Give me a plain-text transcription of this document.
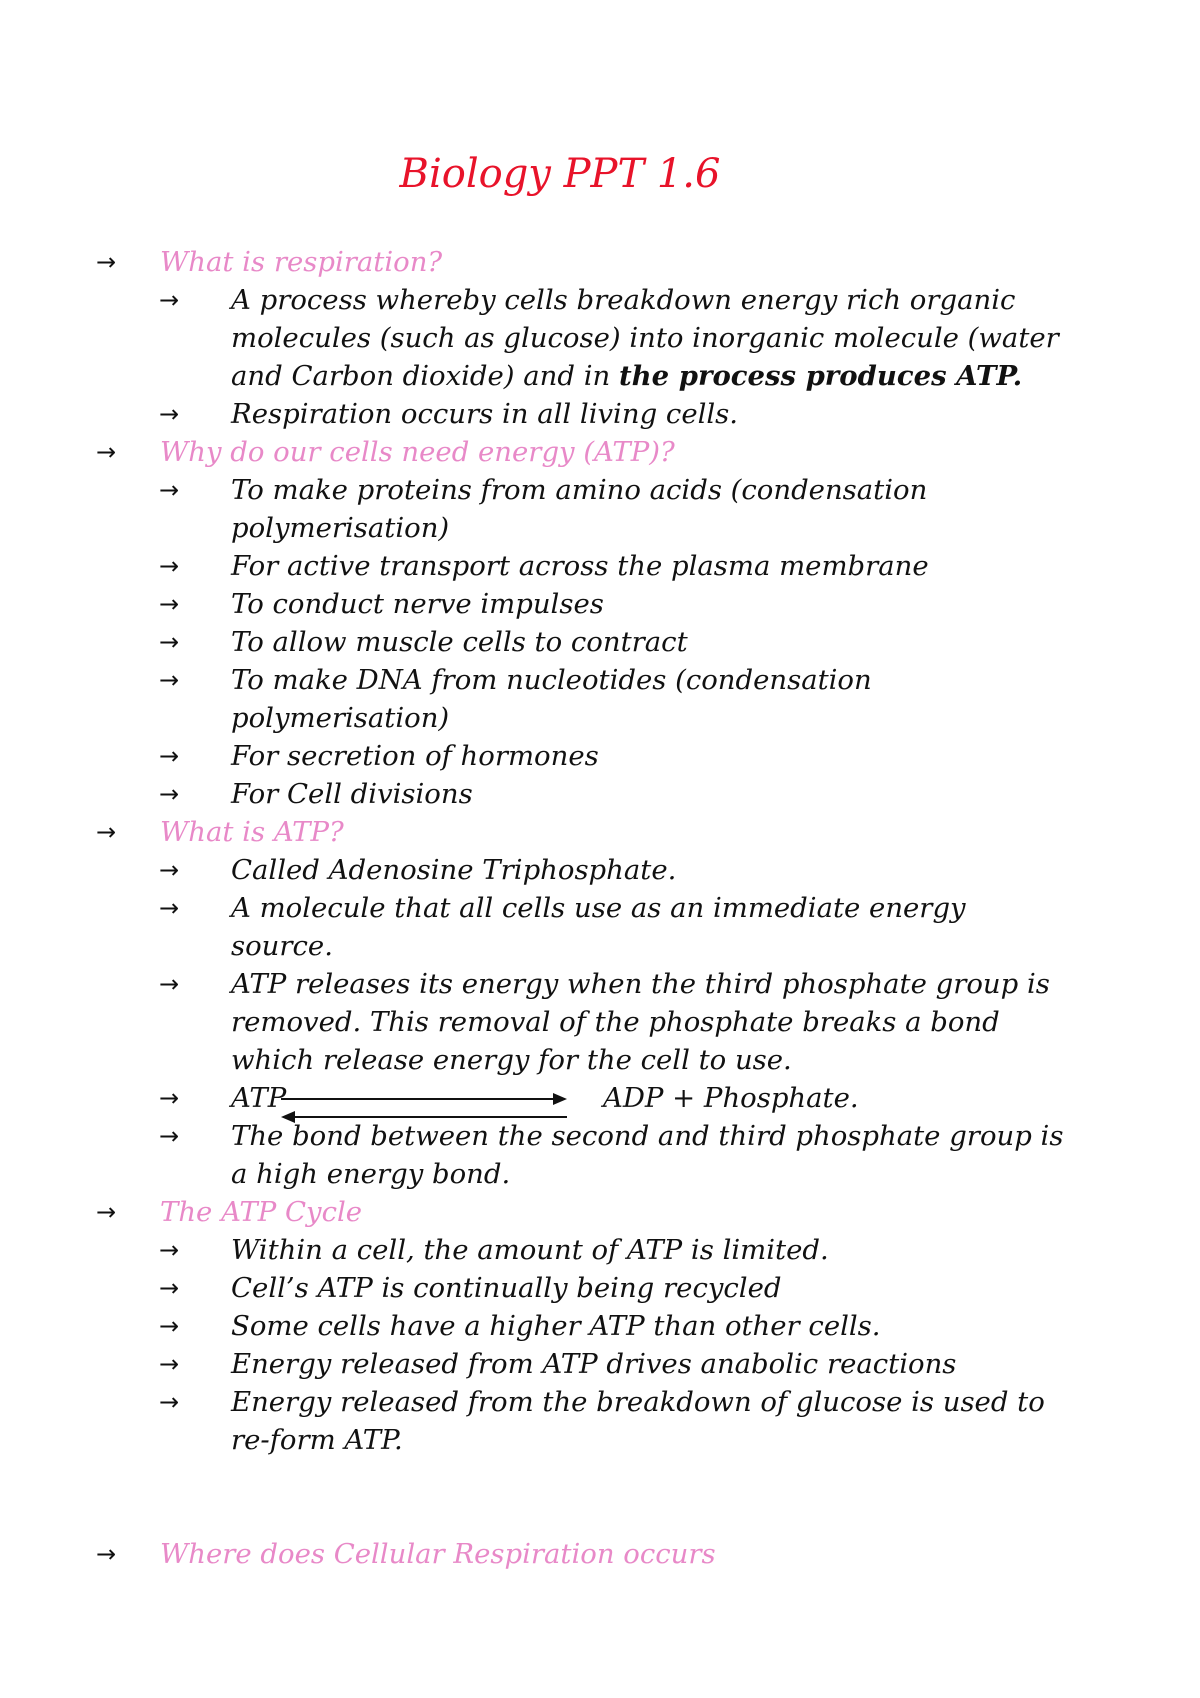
Biology PPT 1.6
→ What is respiration?
→ A process whereby cells breakdown energy rich organic molecules (such as glucose) into inorganic molecule (water and Carbon dioxide) and in the process produces ATP.
→ Respiration occurs in all living cells.
→ Why do our cells need energy (ATP)?
→ To make proteins from amino acids (condensation polymerisation)
→ For active transport across the plasma membrane
→ To conduct nerve impulses
→ To allow muscle cells to contract
→ To make DNA from nucleotides (condensation polymerisation)
→ For secretion of hormones
→ For Cell divisions
→ What is ATP?
→ Called Adenosine Triphosphate.
→ A molecule that all cells use as an immediate energy source.
→ ATP releases its energy when the third phosphate group is removed. This removal of the phosphate breaks a bond which release energy for the cell to use.
→ ATP	ADP + Phosphate.
→ The bond between the second and third phosphate group is a high energy bond.
→ The ATP Cycle
→ Within a cell, the amount of ATP is limited.
→ Cell’s ATP is continually being recycled
→ Some cells have a higher ATP than other cells.
→ Energy released from ATP drives anabolic reactions
→ Energy released from the breakdown of glucose is used to re-form ATP.
→ Where does Cellular Respiration occurs
